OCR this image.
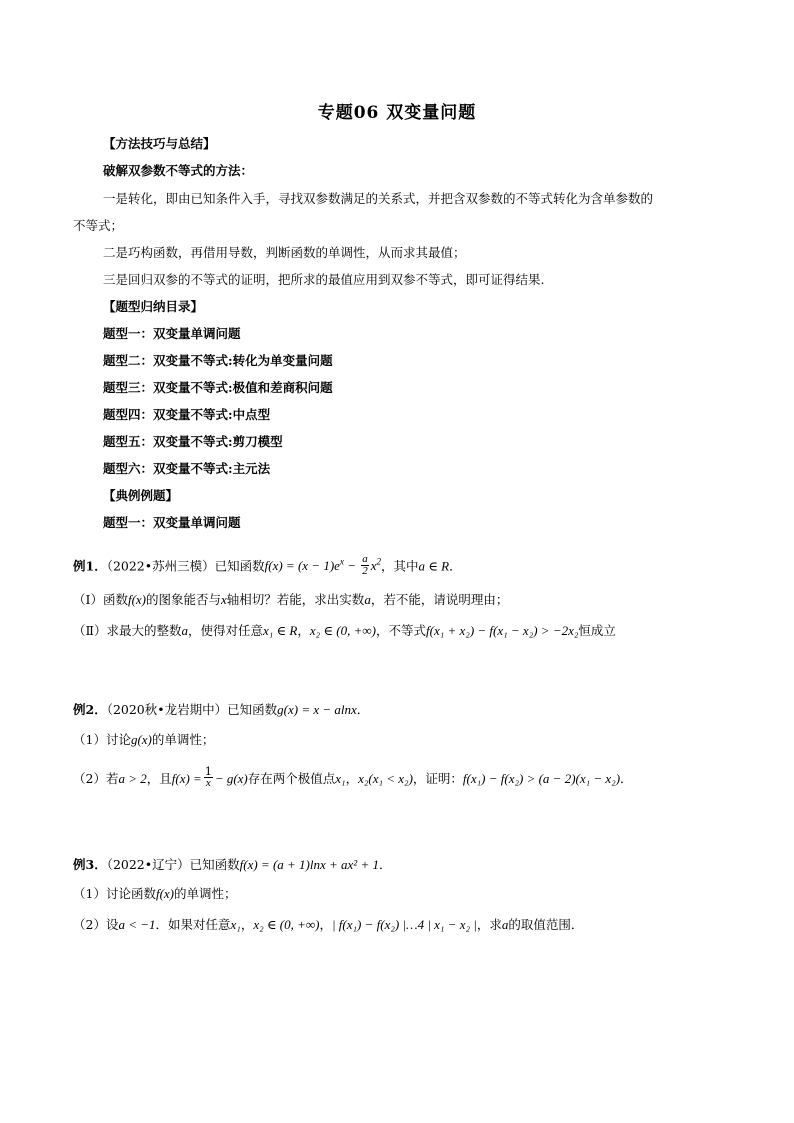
专题06 双变量问题
【方法技巧与总结】
破解双参数不等式的方法：
一是转化，即由已知条件入手，寻找双参数满足的关系式，并把含双参数的不等式转化为含单参数的
不等式；
二是巧构函数，再借用导数，判断函数的单调性，从而求其最值；
三是回归双参的不等式的证明，把所求的最值应用到双参不等式，即可证得结果.
【题型归纳目录】
题型一：双变量单调问题
题型二：双变量不等式:转化为单变量问题
题型三：双变量不等式:极值和差商积问题
题型四：双变量不等式:中点型
题型五：双变量不等式:剪刀模型
题型六：双变量不等式:主元法
【典例例题】
题型一：双变量单调问题
例1．（2022•苏州三模）已知函数$f(x) = (x - 1)e^x - \frac{a}{2} x^2$，其中a ∈ R．
（Ⅰ）函数f(x)的图象能否与x轴相切？若能，求出实数a，若不能，请说明理由；
（Ⅱ）求最大的整数a，使得对任意x₁ ∈ R，x₂ ∈ (0, +∞)，不等式f(x₁ + x₂) − f(x₁ − x₂) > −2x₂恒成立
例2．（2020秋•龙岩期中）已知函数g(x) = x − alnx．
（1）讨论g(x)的单调性；
（2）若a > 2，且$f(x) = \frac{1}{x} - g(x)$存在两个极值点x₁，x₂(x₁ < x₂)，证明：f(x₁) − f(x₂) > (a − 2)(x₁ − x₂)．
例3．（2022•辽宁）已知函数f(x) = (a + 1)lnx + ax² + 1．
（1）讨论函数f(x)的单调性；
（2）设a < −1．如果对任意x₁，x₂ ∈ (0, +∞)，| f(x₁) − f(x₂) |…4 | x₁ − x₂ |，求a的取值范围．
